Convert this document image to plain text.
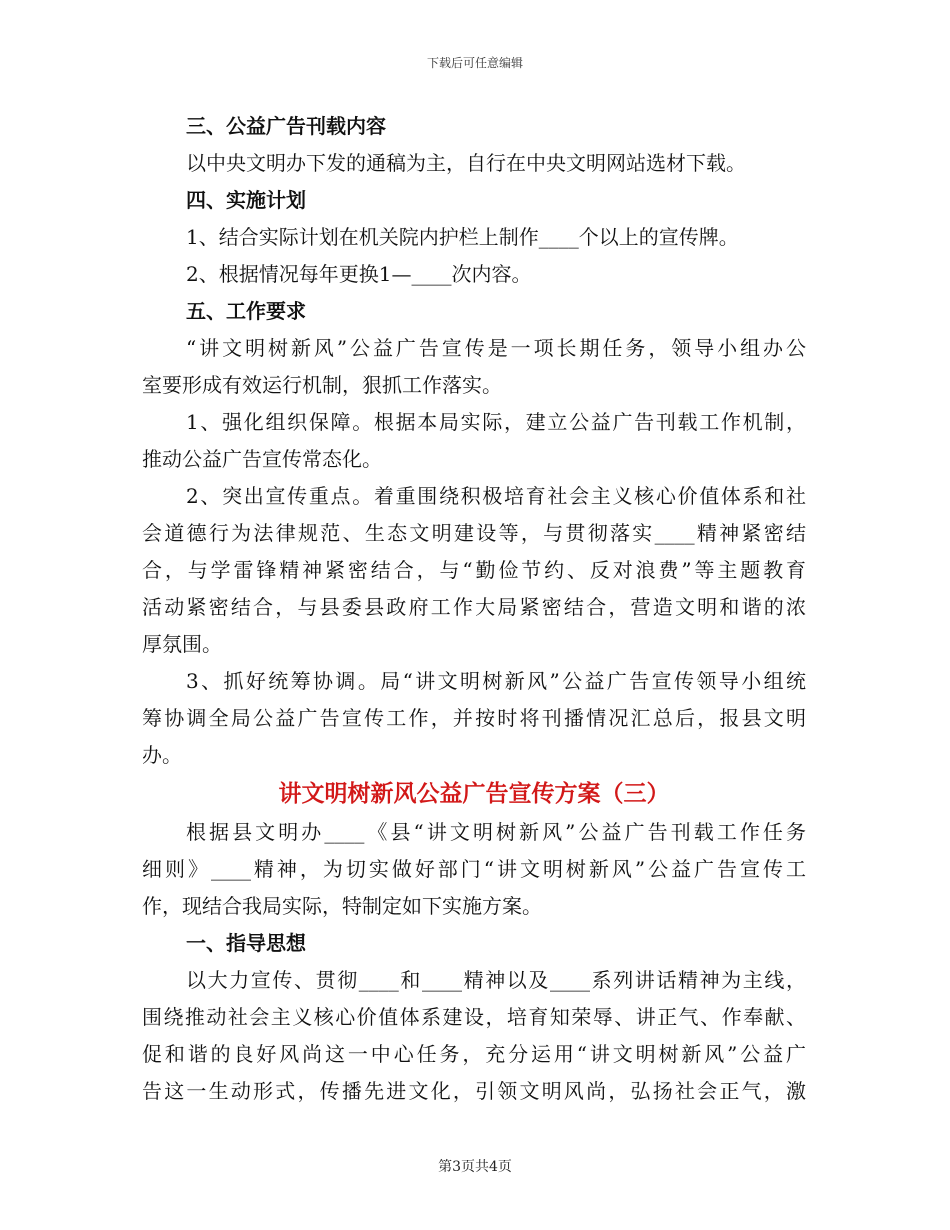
下载后可任意编辑
三、公益广告刊载内容
以中央文明办下发的通稿为主，自行在中央文明网站选材下载。
四、实施计划
1、结合实际计划在机关院内护栏上制作____个以上的宣传牌。
2、根据情况每年更换1—____次内容。
五、工作要求
“讲文明树新风”公益广告宣传是一项长期任务，领导小组办公
室要形成有效运行机制，狠抓工作落实。
1、强化组织保障。根据本局实际，建立公益广告刊载工作机制，
推动公益广告宣传常态化。
2、突出宣传重点。着重围绕积极培育社会主义核心价值体系和社
会道德行为法律规范、生态文明建设等，与贯彻落实____精神紧密结
合，与学雷锋精神紧密结合，与“勤俭节约、反对浪费”等主题教育
活动紧密结合，与县委县政府工作大局紧密结合，营造文明和谐的浓
厚氛围。
3、抓好统筹协调。局“讲文明树新风”公益广告宣传领导小组统
筹协调全局公益广告宣传工作，并按时将刊播情况汇总后，报县文明
办。
讲文明树新风公益广告宣传方案（三）
根据县文明办____《县“讲文明树新风”公益广告刊载工作任务
细则》____精神，为切实做好部门“讲文明树新风”公益广告宣传工
作，现结合我局实际，特制定如下实施方案。
一、指导思想
以大力宣传、贯彻____和____精神以及____系列讲话精神为主线，
围绕推动社会主义核心价值体系建设，培育知荣辱、讲正气、作奉献、
促和谐的良好风尚这一中心任务，充分运用“讲文明树新风”公益广
告这一生动形式，传播先进文化，引领文明风尚，弘扬社会正气，激
第3页共4页
